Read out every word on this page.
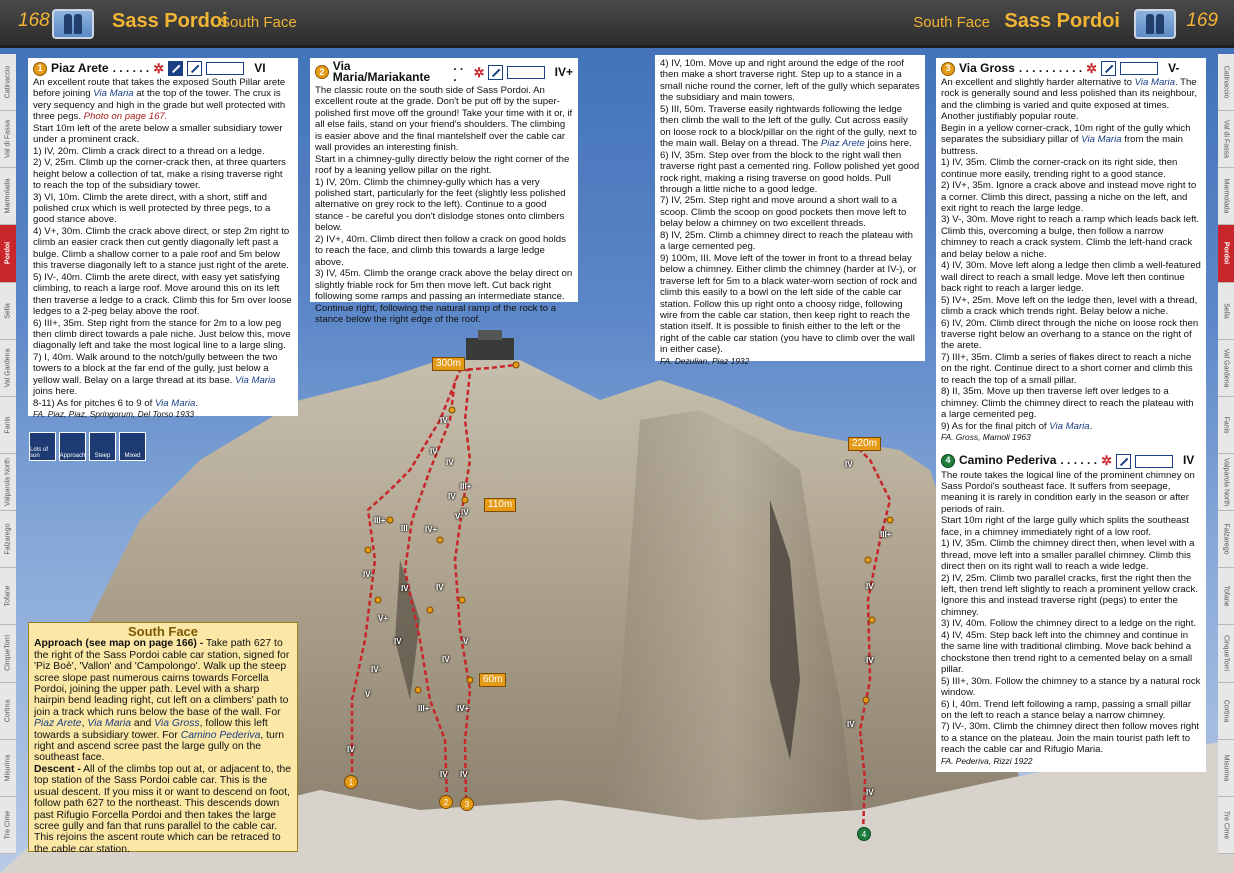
300m
110m
60m
220m
IV
IV
IV
III+
IV
III+
III IV+
IV-
IV
V+
IV	V
IV
IV-
V
III+	IV+
IV
IV IV
IV
III+
IV
IV
IV
IV
IV
IV
V-
1
2	3
4
168	Sass Pordoi
South Face	South Face Sass Pordoi	169
Catinaccio
Val di Fassa
Marmolada
Pordoi
Sella
Val Gardena
Fanis
Valparola North
Falzarego
Tofane
CinqueTorri
Cortina
Misurina
Tre Cime
Catinaccio
Val di Fassa
Marmolada
Pordoi
Sella
Val Gardena
Fanis
Valparola North
Falzarego
Tofane
CinqueTorri
Cortina
Misurina
Tre Cime
1 Piaz Arete . . . . . . ✲	VI

An excellent route that takes the exposed South Pillar arete before joining Via Maria at the top of the tower. The crux is very sequency and high in the grade but well protected with three pegs. Photo on page 167.
Start 10m left of the arete below a smaller subsidiary tower under a prominent crack.
1) IV, 20m. Climb a crack direct to a thread on a ledge.
2) V, 25m. Climb up the corner-crack then, at three quarters height below a collection of tat, make a rising traverse right to reach the top of the subsidiary tower.
3) VI, 10m. Climb the arete direct, with a short, stiff and polished crux which is well protected by three pegs, to a good stance above.
4) V+, 30m. Climb the crack above direct, or step 2m right to climb an easier crack then cut gently diagonally left past a bulge. Climb a shallow corner to a pale roof and 5m below this traverse diagonally left to a stance just right of the arete.
5) IV-, 40m. Climb the arete direct, with easy yet satisfying climbing, to reach a large roof. Move around this on its left then traverse a ledge to a crack. Climb this for 5m over loose ledges to a 2-peg belay above the roof.
6) III+, 35m. Step right from the stance for 2m to a low peg then climb direct towards a pale niche. Just below this, move diagonally left and take the most logical line to a large sling.
7) I, 40m. Walk around to the notch/gully between the two towers to a block at the far end of the gully, just below a yellow wall. Belay on a large thread at its base. Via Maria joins here.
8-11) As for pitches 6 to 9 of Via Maria.

FA. Piaz, Piaz, Springorum, Del Torso 1933

2 Via Maria/Mariakante
. . .	✲	IV+

The classic route on the south side of Sass Pordoi. An excellent route at the grade. Don't be put off by the super-polished first move off the ground! Take your time with it or, if all else fails, stand on your friend's shoulders. The climbing is easier above and the final mantelshelf over the cable car wall provides an interesting finish.
Start in a chimney-gully directly below the right corner of the roof by a leaning yellow pillar on the right.
1) IV, 20m. Climb the chimney-gully which has a very polished start, particularly for the feet (slightly less polished alternative on grey rock to the left). Continue to a good stance - be careful you don't dislodge stones onto climbers below.
2) IV+, 40m. Climb direct then follow a crack on good holds to reach the face, and climb this towards a large ledge above.
3) IV, 45m. Climb the orange crack above the belay direct on slightly friable rock for 5m then move left. Cut back right following some ramps and passing an intermediate stance. Continue right, following the natural ramp of the rock to a stance below the right edge of the roof.

4) IV, 10m. Move up and right around the edge of the roof then make a short traverse right. Step up to a stance in a small niche round the corner, left of the gully which separates the subsidiary and main towers.
5) III, 50m. Traverse easily rightwards following the ledge then climb the wall to the left of the gully. Cut across easily on loose rock to a block/pillar on the right of the gully, next to the main wall. Belay on a thread. The Piaz Arete joins here.
6) IV, 35m. Step over from the block to the right wall then traverse right past a cemented ring. Follow polished yet good rock right, making a rising traverse on good holds. Pull through a little niche to a good ledge.
7) IV, 25m. Step right and move around a short wall to a scoop. Climb the scoop on good pockets then move left to belay below a chimney on two excellent threads.
8) IV, 25m. Climb a chimney direct to reach the plateau with a large cemented peg.
9) 100m, III. Move left of the tower in front to a thread belay below a chimney. Either climb the chimney (harder at IV-), or traverse left for 5m to a black water-worn section of rock and climb this easily to a bowl on the left side of the cable car station. Follow this up right onto a choosy ridge, following wire from the cable car station, then keep right to reach the station itself. It is possible to finish either to the left or the right of the cable car station (you have to climb over the wall in either case).

FA. Dezulian, Piaz 1932

3 Via Gross . . . . . . . . . . ✲	V-

An excellent and slightly harder alternative to Via Maria. The rock is generally sound and less polished than its neighbour, and the climbing is varied and quite exposed at times. Another justifiably popular route.
Begin in a yellow corner-crack, 10m right of the gully which separates the subsidiary pillar of Via Maria from the main buttress.
1) IV, 35m. Climb the corner-crack on its right side, then continue more easily, trending right to a good stance.
2) IV+, 35m. Ignore a crack above and instead move right to a corner. Climb this direct, passing a niche on the left, and exit right to reach the large ledge.
3) V-, 30m. Move right to reach a ramp which leads back left. Climb this, overcoming a bulge, then follow a narrow chimney to reach a crack system. Climb the left-hand crack and belay below a niche.
4) IV, 30m. Move left along a ledge then climb a well-featured wall direct to reach a small ledge. Move left then continue back right to reach a larger ledge.
5) IV+, 25m. Move left on the ledge then, level with a thread, climb a crack which trends right. Belay below a niche.
6) IV, 20m. Climb direct through the niche on loose rock then traverse right below an overhang to a stance on the right of the arete.
7) III+, 35m. Climb a series of flakes direct to reach a niche on the right. Continue direct to a short corner and climb this to reach the top of a small pillar.
8) II, 35m. Move up then traverse left over ledges to a chimney. Climb the chimney direct to reach the plateau with a large cemented peg.
9) As for the final pitch of Via Maria.

FA. Gross, Mamoli 1963

4 Camino Pederiva . . . . . . ✲	IV

The route takes the logical line of the prominent chimney on Sass Pordoi's southeast face. It suffers from seepage, meaning it is rarely in condition early in the season or after periods of rain.
Start 10m right of the large gully which splits the southeast face, in a chimney immediately right of a low roof.
1) IV, 35m. Climb the chimney direct then, when level with a thread, move left into a smaller parallel chimney. Climb this direct then on its right wall to reach a wide ledge.
2) IV, 25m. Climb two parallel cracks, first the right then the left, then trend left slightly to reach a prominent yellow crack. Ignore this and instead traverse right (pegs) to enter the chimney.
3) IV, 40m. Follow the chimney direct to a ledge on the right.
4) IV, 45m. Step back left into the chimney and continue in the same line with traditional climbing. Move back behind a chockstone then trend right to a cemented belay on a small pillar.
5) III+, 30m. Follow the chimney to a stance by a natural rock window.
6) I, 40m. Trend left following a ramp, passing a small pillar on the left to reach a stance belay a narrow chimney.
7) IV-, 30m. Climb the chimney direct then follow moves right to a stance on the plateau. Join the main tourist path left to reach the cable car and Rifugio Maria.

FA. Pederiva, Rizzi 1922

Lots of sun	Approach	Steep	Mixed
South Face

Approach (see map on page 166) - Take path 627 to the right of the Sass Pordoi cable car station, signed for 'Piz Boè', 'Vallon' and 'Campolongo'. Walk up the steep scree slope past numerous cairns towards Forcella Pordoi, joining the upper path. Level with a sharp hairpin bend leading right, cut left on a climbers' path to join a track which runs below the base of the wall. For Piaz Arete, Via Maria and Via Gross, follow this left towards a subsidiary tower. For Camino Pederiva, turn right and ascend scree past the large gully on the southeast face.

Descent - All of the climbs top out at, or adjacent to, the top station of the Sass Pordoi cable car. This is the usual descent. If you miss it or want to descend on foot, follow path 627 to the northeast. This descends down past Rifugio Forcella Pordoi and then takes the large scree gully and fan that runs parallel to the cable car. This rejoins the ascent route which can be retraced to the cable car station.
